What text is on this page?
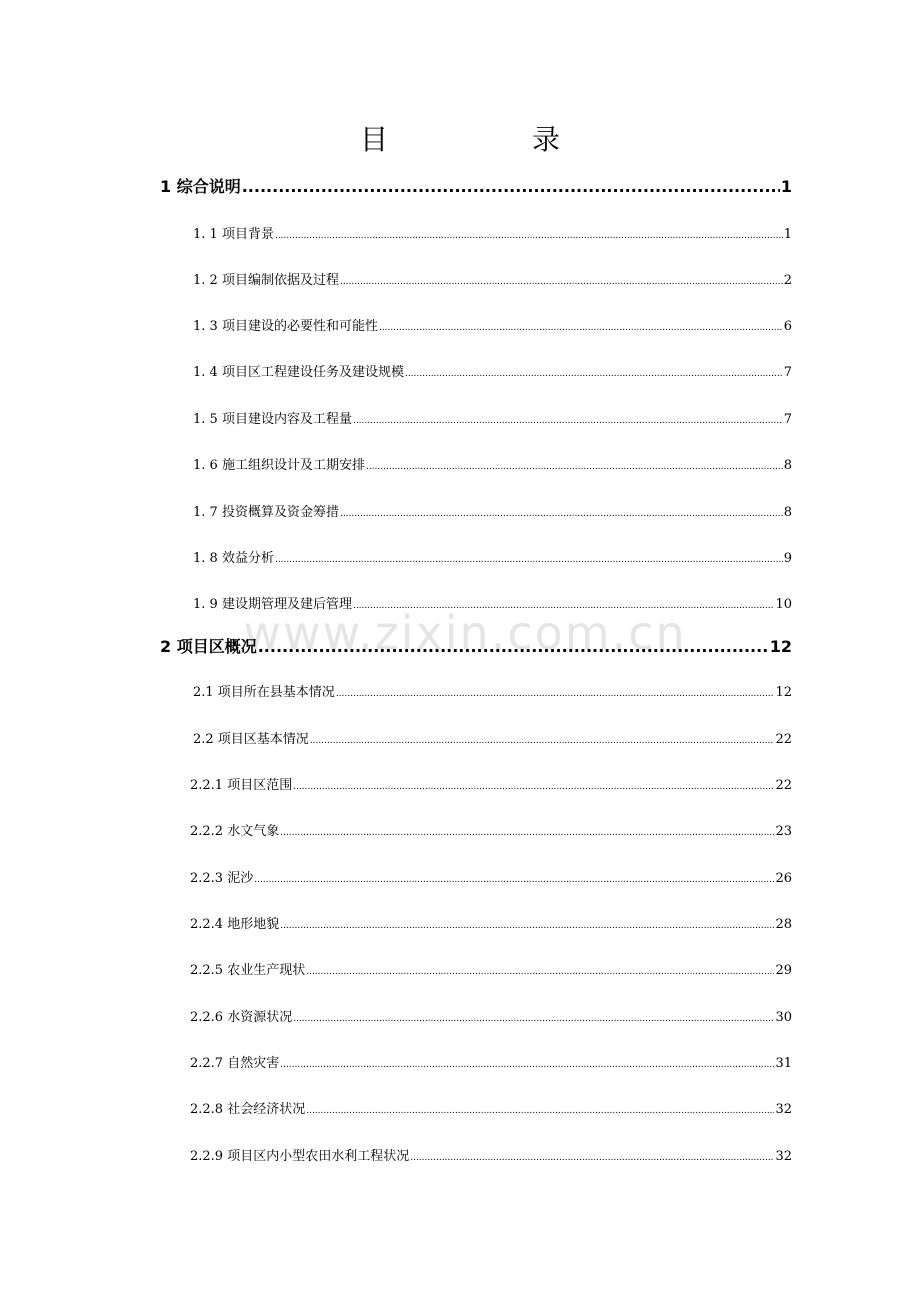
目　录
www.zixin.com.cn
1 综合说明 .....	1
1. 1 项目背景 .....	1
1. 2 项目编制依据及过程 .....	2
1. 3 项目建设的必要性和可能性 .....	6
1. 4 项目区工程建设任务及建设规模 .....	7
1. 5 项目建设内容及工程量 .....	7
1. 6 施工组织设计及工期安排 .....	8
1. 7 投资概算及资金筹措 .....	8
1. 8 效益分析 .....	9
1. 9 建设期管理及建后管理 .....	10
2 项目区概况 .....	12
2.1 项目所在县基本情况 .....	12
2.2 项目区基本情况 .....	22
2.2.1 项目区范围 .....	22
2.2.2 水文气象 .....	23
2.2.3 泥沙 .....	26
2.2.4 地形地貌 .....	28
2.2.5 农业生产现状 .....	29
2.2.6 水资源状况 .....	30
2.2.7 自然灾害 .....	31
2.2.8 社会经济状况 .....	32
2.2.9 项目区内小型农田水利工程状况 .....	32
